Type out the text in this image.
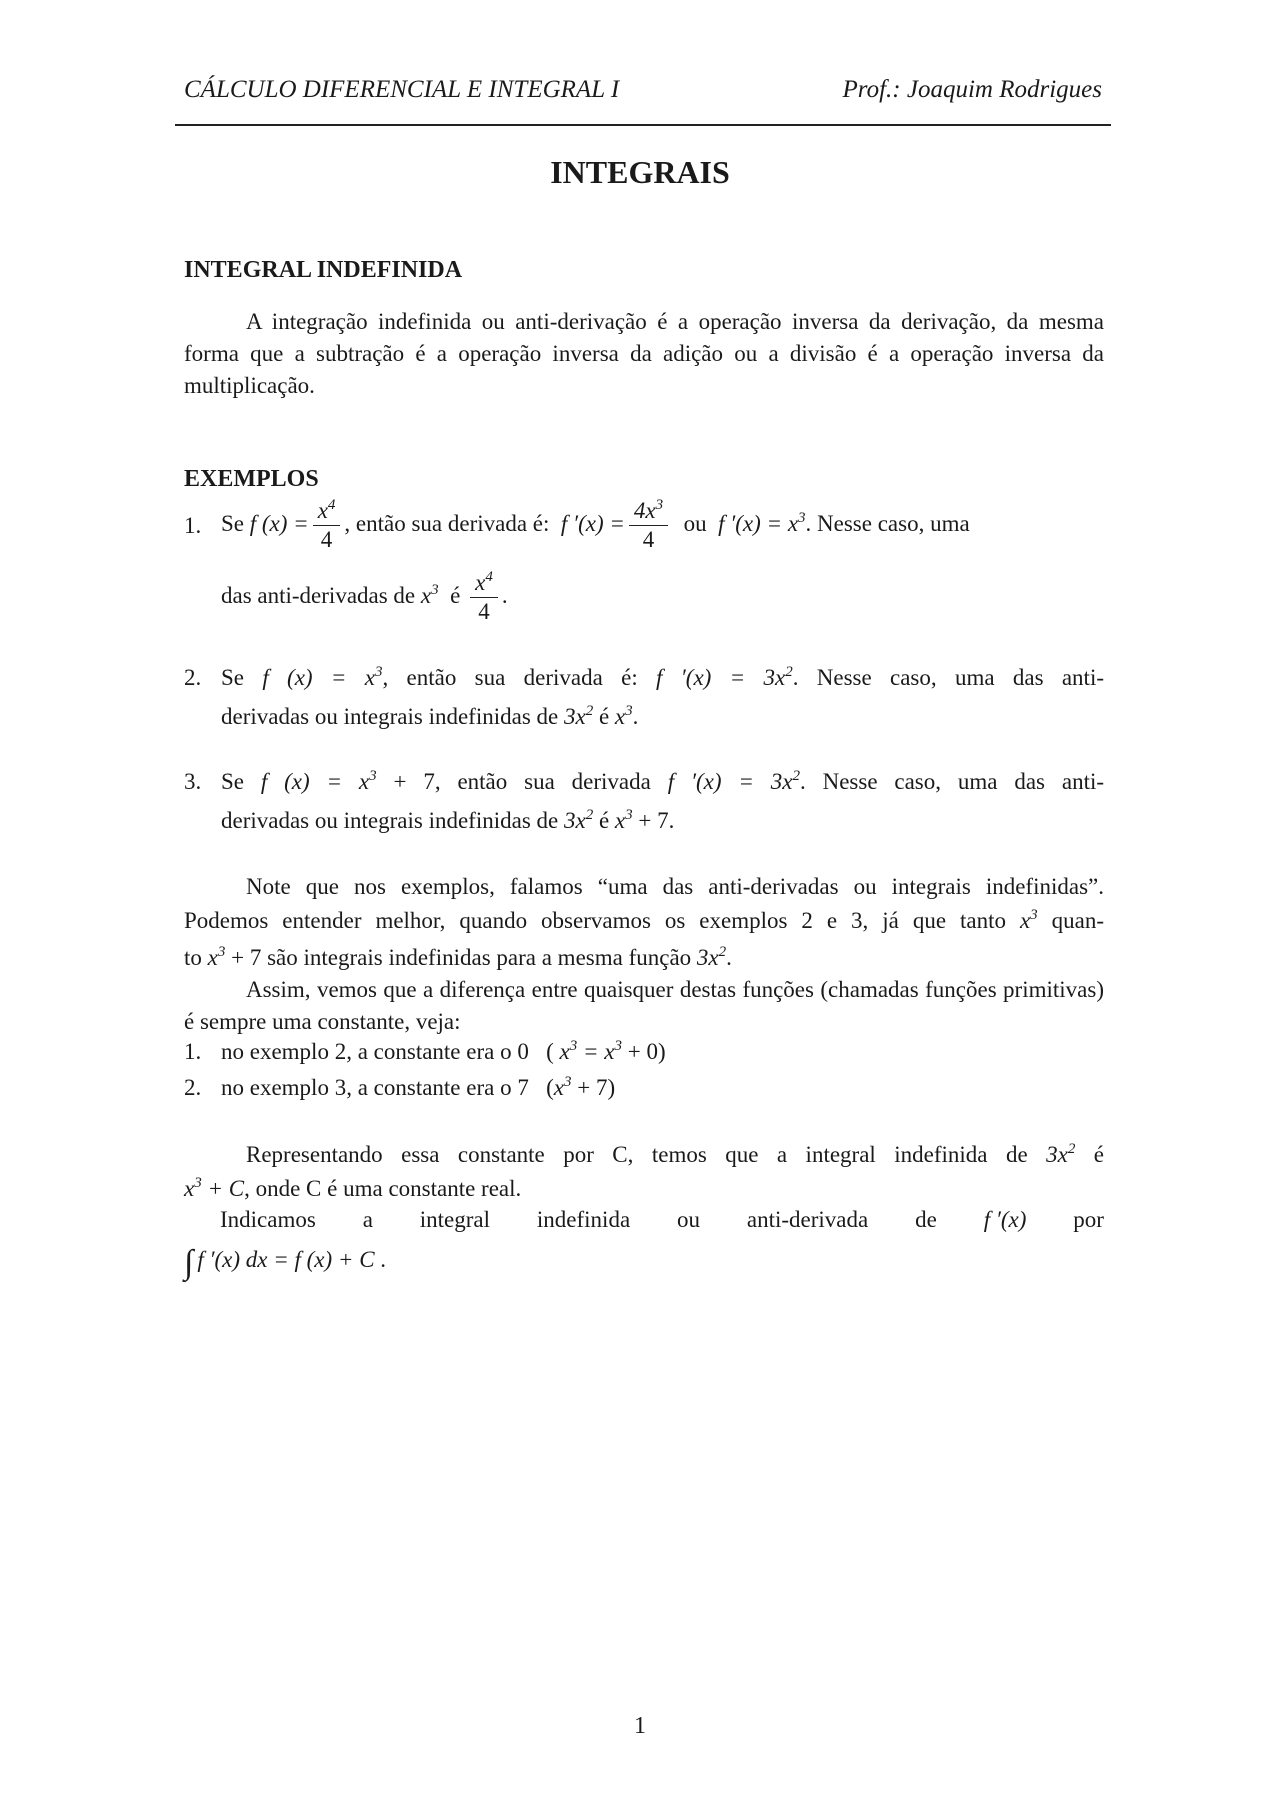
CÁLCULO DIFERENCIAL E INTEGRAL I	Prof.: Joaquim Rodrigues
INTEGRAIS
INTEGRAL INDEFINIDA
A integração indefinida ou anti-derivação é a operação inversa da derivação, da mesma forma que a subtração é a operação inversa da adição ou a divisão é a operação inversa da multiplicação.
EXEMPLOS
1. Se f $(x) = \frac{x^4}{4}$ , então sua derivada é: f $'(x) = \frac{4x^3}{4}$ ou f $'(x) = x^3$. Nesse caso, uma
das anti-derivadas de $x^3$ é $\frac{x^4}{4}$ .
2. Se f $(x) = x^3$, então sua derivada é: f $'(x) = 3x^2$. Nesse caso, uma das anti-
derivadas ou integrais indefinidas de $3x^2$ é $x^3$.
3. Se f $(x) = x^3 + 7$, então sua derivada f $'(x) = 3x^2$. Nesse caso, uma das anti-
derivadas ou integrais indefinidas de $3x^2$ é $x^3 + 7$.
Note que nos exemplos, falamos “uma das anti-derivadas ou integrais indefinidas”.
Podemos entender melhor, quando observamos os exemplos 2 e 3, já que tanto $x^3$ quan-
to $x^3 + 7$ são integrais indefinidas para a mesma função $3x^2$.
Assim, vemos que a diferença entre quaisquer destas funções (chamadas funções primitivas) é sempre uma constante, veja:
1. no exemplo 2, a constante era o 0 ( $x^3 = x^3 + 0$)
2. no exemplo 3, a constante era o 7 $(x^3 + 7)$
Representando essa constante por C, temos que a integral indefinida de $3x^2$ é
$x^3 + C$, onde C é uma constante real.
Indicamos a integral indefinida ou anti-derivada de f ′(x) por
∫ f ′(x) dx = f (x) + C .
1
